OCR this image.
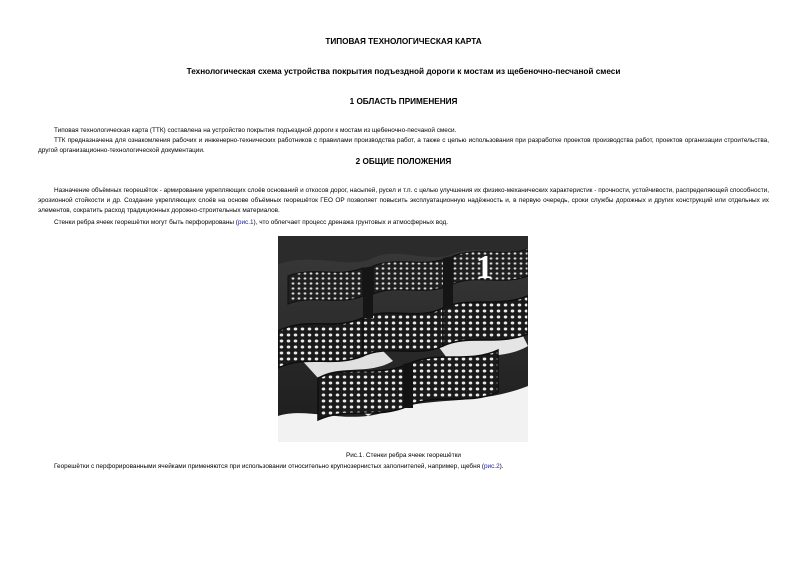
ТИПОВАЯ ТЕХНОЛОГИЧЕСКАЯ КАРТА
Технологическая схема устройства покрытия подъездной дороги к мостам из щебеночно-песчаной смеси
1 ОБЛАСТЬ ПРИМЕНЕНИЯ

Типовая технологическая карта (ТТК) составлена на устройство покрытия подъездной дороги к мостам из щебеночно-песчаной смеси.

ТТК предназначена для ознакомления рабочих и инженерно-технических работников с правилами производства работ, а также с целью использования при разработке проектов производства работ, проектов организации строительства, другой организационно-технологической документации.

2 ОБЩИЕ ПОЛОЖЕНИЯ

Назначение объёмных георешёток - армирование укрепляющих слоёв оснований и откосов дорог, насыпей, русел и т.п. с целью улучшения их физико-механических характеристик - прочности, устойчивости, распределяющей способности, эрозионной стойкости и др. Создание укрепляющих слоёв на основе объёмных георешёток ГЕО ОР позволяет повысить эксплуатационную надёжность и, в первую очередь, сроки службы дорожных и других конструкций или отдельных их элементов, сократить расход традиционных дорожно-строительных материалов.

Стенки ребра ячеек георешётки могут быть перфорированы (рис.1), что облегчает процесс дренажа грунтовых и атмосферных вод.

1
Рис.1. Стенки ребра ячеек георешётки

Георешётки с перфорированными ячейками применяются при использовании относительно крупнозернистых заполнителей, например, щебня (рис.2).
